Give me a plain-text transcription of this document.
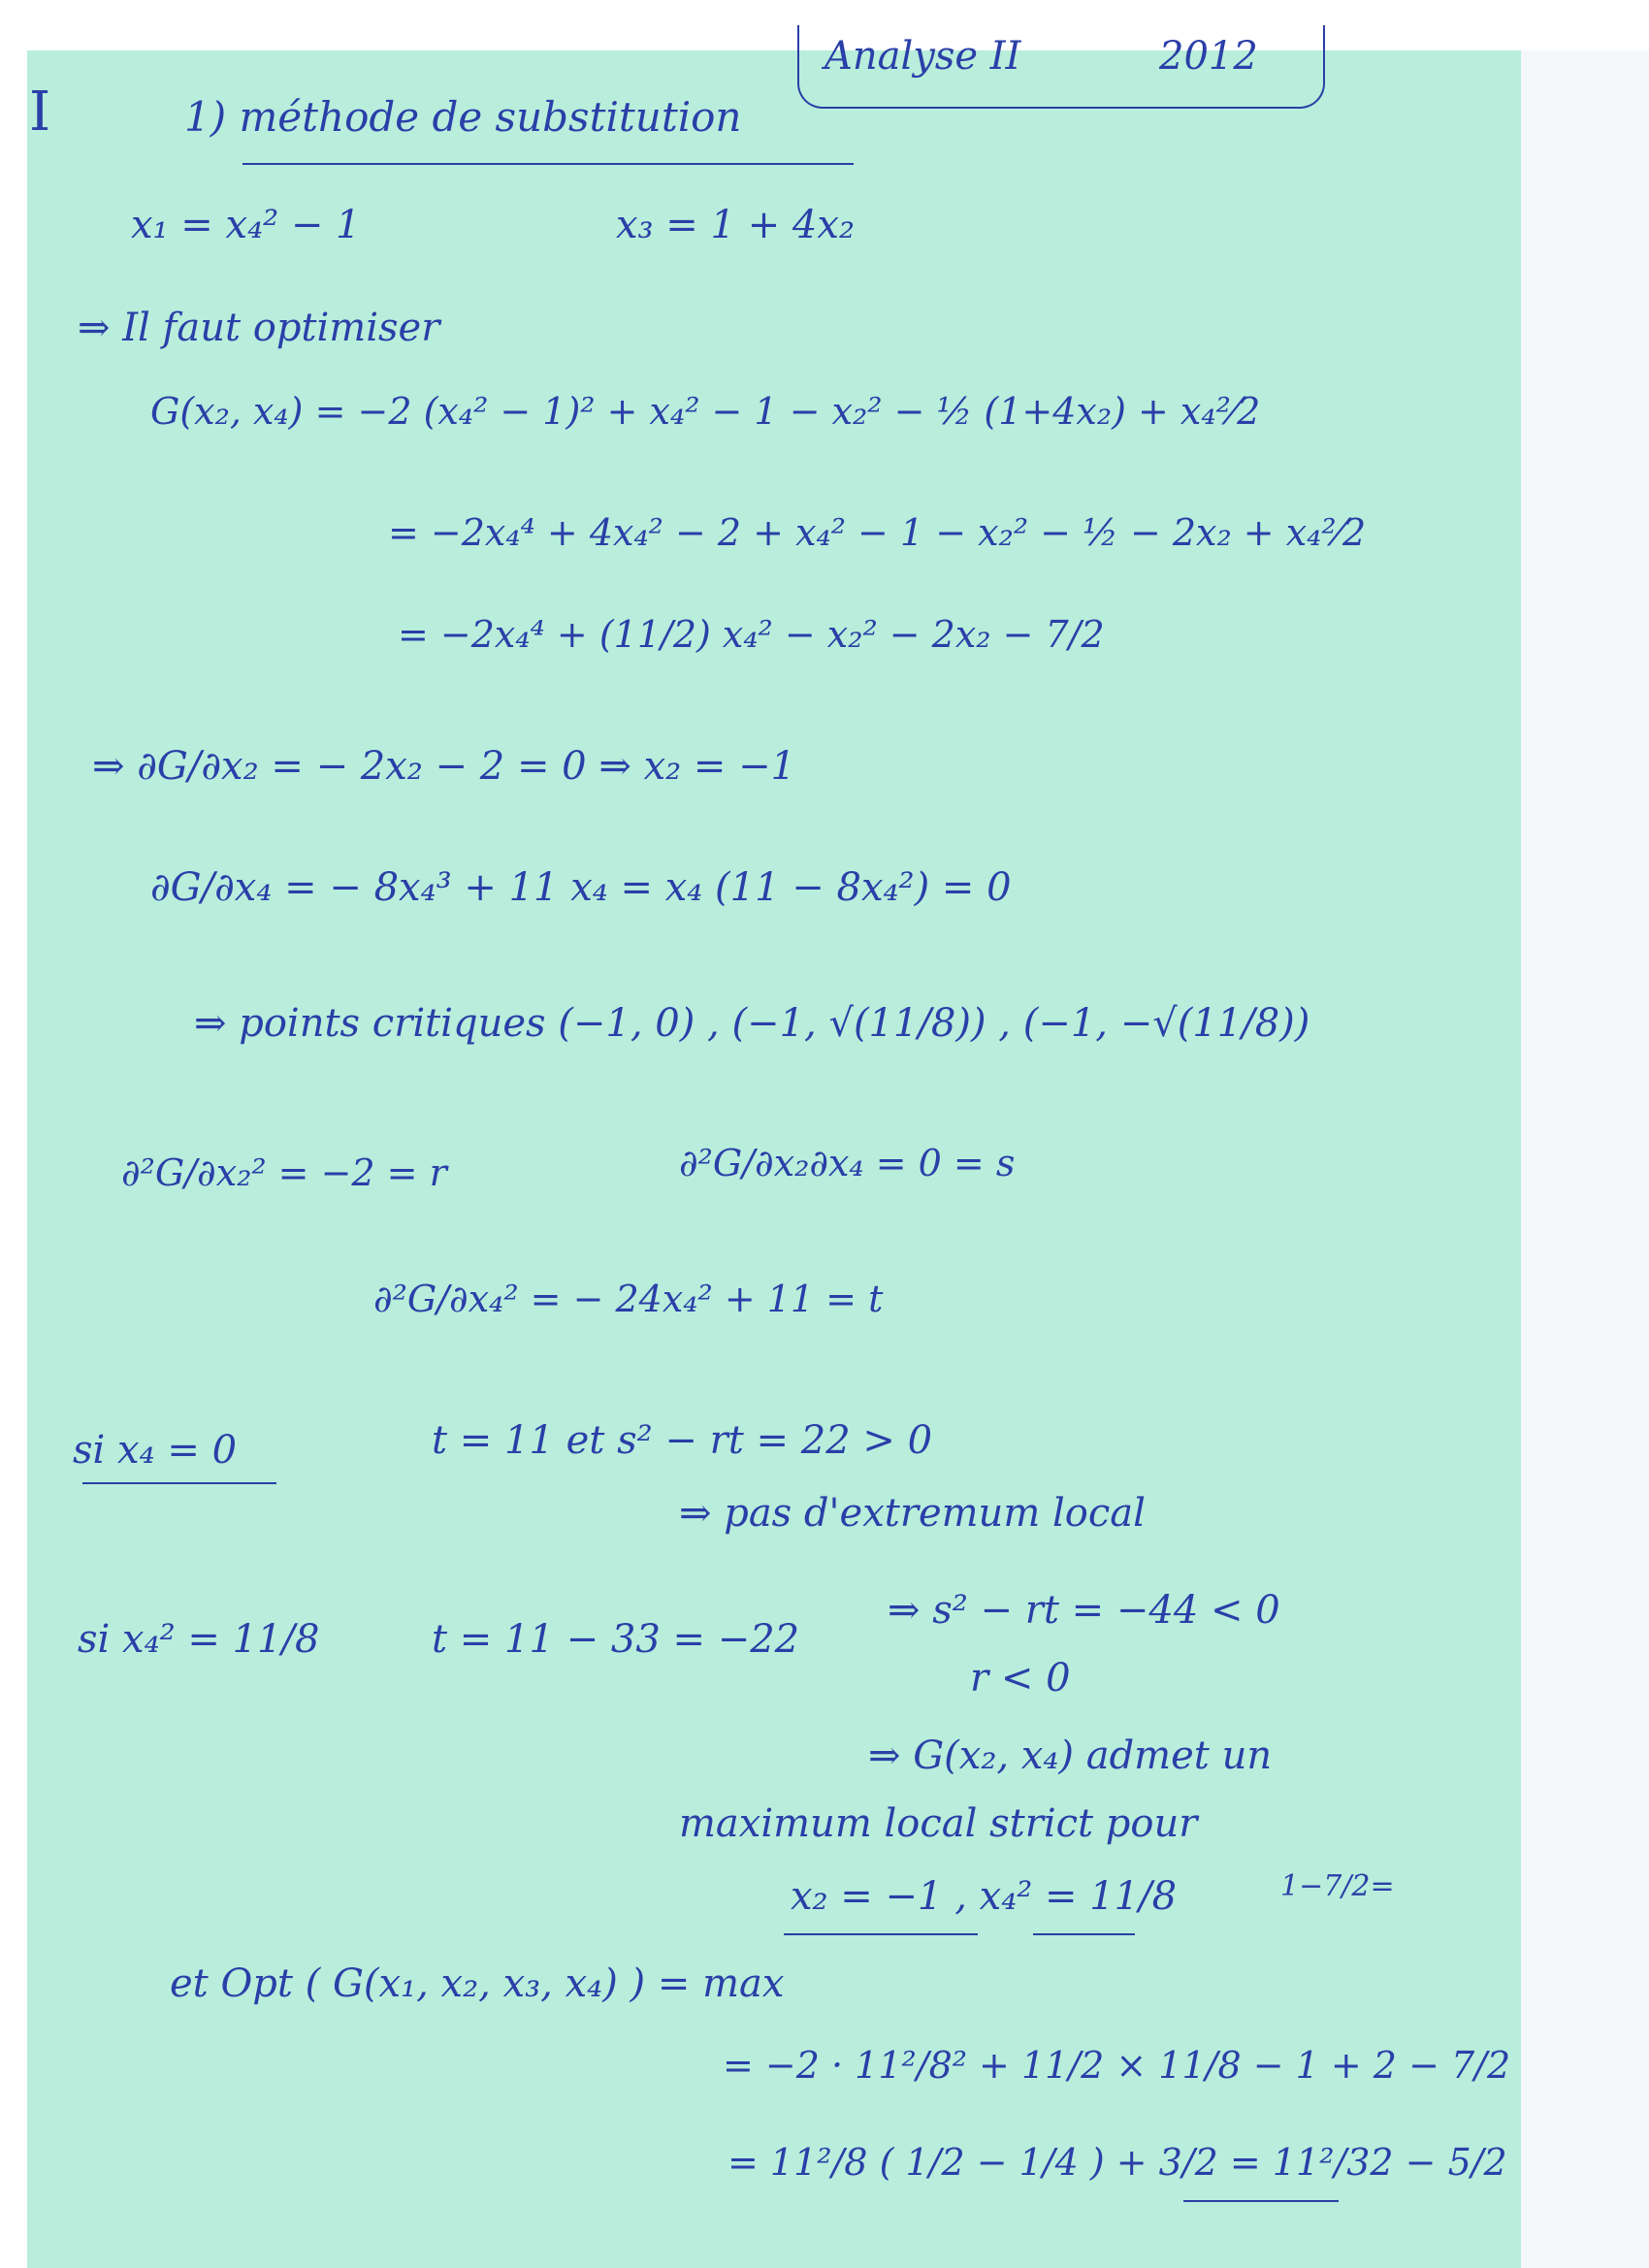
Analyse II	2012
I	1) méthode de substitution
x₁ = x₄² − 1	x₃ = 1 + 4x₂
⇒ Il faut optimiser
G(x₂, x₄) = −2 (x₄² − 1)² + x₄² − 1 − x₂² − ½ (1+4x₂) + x₄²⁄2
= −2x₄⁴ + 4x₄² − 2 + x₄² − 1 − x₂² − ½ − 2x₂ + x₄²⁄2
= −2x₄⁴ + (11/2) x₄² − x₂² − 2x₂ − 7/2
⇒ ∂G/∂x₂ = − 2x₂ − 2 = 0 ⇒ x₂ = −1
∂G/∂x₄ = − 8x₄³ + 11 x₄ = x₄ (11 − 8x₄²) = 0
⇒ points critiques (−1, 0) , (−1, √(11/8)) , (−1, −√(11/8))
∂²G/∂x₂² = −2 = r	∂²G/∂x₂∂x₄ = 0 = s
∂²G/∂x₄² = − 24x₄² + 11 = t
si x₄ = 0	t = 11 et s² − rt = 22 > 0
⇒ pas d'extremum local
si x₄² = 11/8	t = 11 − 33 = −22
⇒ s² − rt = −44 < 0
r < 0
⇒ G(x₂, x₄) admet un
maximum local strict pour
x₂ = −1 , x₄² = 11/8	1−7/2=
et Opt ( G(x₁, x₂, x₃, x₄) ) = max
= −2 · 11²/8² + 11/2 × 11/8 − 1 + 2 − 7/2
= 11²/8 ( 1/2 − 1/4 ) + 3/2 = 11²/32 − 5/2
